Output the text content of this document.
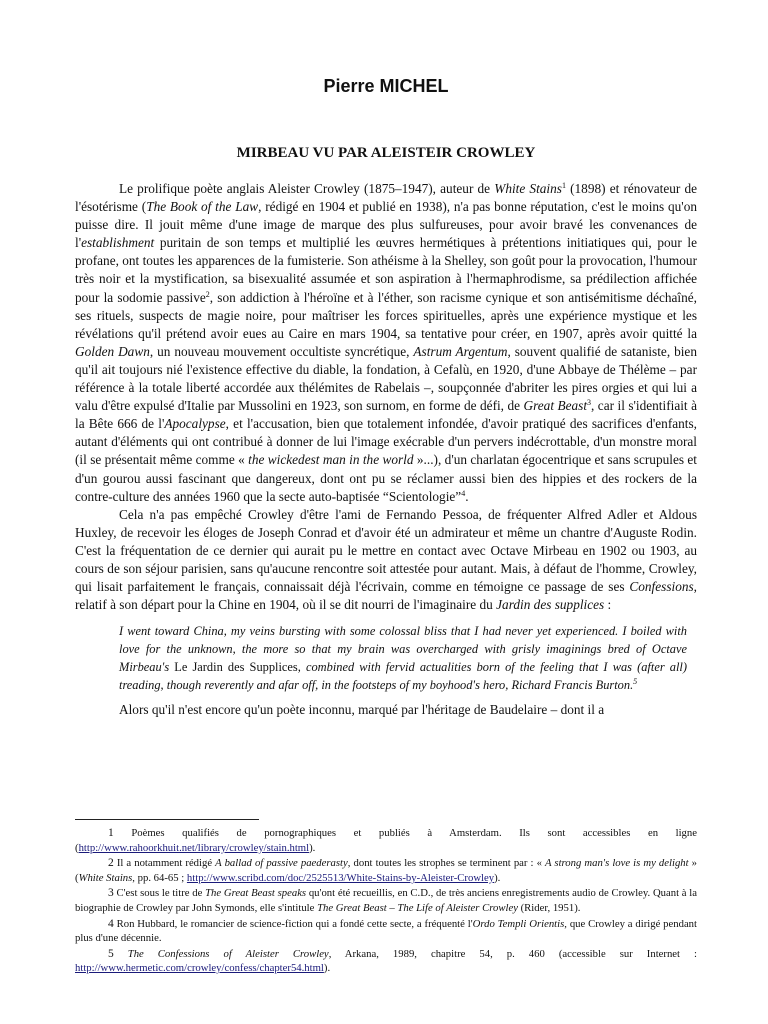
Pierre MICHEL
MIRBEAU VU PAR ALEISTEIR CROWLEY

Le prolifique poète anglais Aleister Crowley (1875–1947), auteur de White Stains$^1$ (1898) et rénovateur de l'ésotérisme (The Book of the Law, rédigé en 1904 et publié en 1938), n'a pas bonne réputation, c'est le moins qu'on puisse dire. Il jouit même d'une image de marque des plus sulfureuses, pour avoir bravé les convenances de l'establishment puritain de son temps et multiplié les œuvres hermétiques à prétentions initiatiques qui, pour le profane, ont toutes les apparences de la fumisterie. Son athéisme à la Shelley, son goût pour la provocation, l'humour très noir et la mystification, sa bisexualité assumée et son aspiration à l'hermaphrodisme, sa prédilection affichée pour la sodomie passive$^2$, son addiction à l'héroïne et à l'éther, son racisme cynique et son antisémitisme déchaîné, ses rituels, suspects de magie noire, pour maîtriser les forces spirituelles, après une expérience mystique et les révélations qu'il prétend avoir eues au Caire en mars 1904, sa tentative pour créer, en 1907, après avoir quitté la Golden Dawn, un nouveau mouvement occultiste syncrétique, Astrum Argentum, souvent qualifié de sataniste, bien qu'il ait toujours nié l'existence effective du diable, la fondation, à Cefalù, en 1920, d'une Abbaye de Thélème – par référence à la totale liberté accordée aux thélémites de Rabelais –, soupçonnée d'abriter les pires orgies et qui lui a valu d'être expulsé d'Italie par Mussolini en 1923, son surnom, en forme de défi, de Great Beast$^3$, car il s'identifiait à la Bête 666 de l'Apocalypse, et l'accusation, bien que totalement infondée, d'avoir pratiqué des sacrifices d'enfants, autant d'éléments qui ont contribué à donner de lui l'image exécrable d'un pervers indécrottable, d'un monstre moral (il se présentait même comme « the wickedest man in the world »...), d'un charlatan égocentrique et sans scrupules et d'un gourou aussi fascinant que dangereux, dont ont pu se réclamer aussi bien des hippies et des rockers de la contre-culture des années 1960 que la secte auto-baptisée “Scientologie”$^4$.

Cela n'a pas empêché Crowley d'être l'ami de Fernando Pessoa, de fréquenter Alfred Adler et Aldous Huxley, de recevoir les éloges de Joseph Conrad et d'avoir été un admirateur et même un chantre d'Auguste Rodin. C'est la fréquentation de ce dernier qui aurait pu le mettre en contact avec Octave Mirbeau en 1902 ou 1903, au cours de son séjour parisien, sans qu'aucune rencontre soit attestée pour autant. Mais, à défaut de l'homme, Crowley, qui lisait parfaitement le français, connaissait déjà l'écrivain, comme en témoigne ce passage de ses Confessions, relatif à son départ pour la Chine en 1904, où il se dit nourri de l'imaginaire du Jardin des supplices :

I went toward China, my veins bursting with some colossal bliss that I had never yet experienced. I boiled with love for the unknown, the more so that my brain was overcharged with grisly imaginings bred of Octave Mirbeau's Le Jardin des Supplices, combined with fervid actualities born of the feeling that I was (after all) treading, though reverently and afar off, in the footsteps of my boyhood's hero, Richard Francis Burton.$^5$

Alors qu'il n'est encore qu'un poète inconnu, marqué par l'héritage de Baudelaire – dont il a

1 Poèmes qualifiés de pornographiques et publiés à Amsterdam. Ils sont accessibles en ligne (http://www.rahoorkhuit.net/library/crowley/stain.html).

2 Il a notamment rédigé A ballad of passive paederasty, dont toutes les strophes se terminent par : « A strong man's love is my delight » (White Stains, pp. 64-65 ; http://www.scribd.com/doc/2525513/White-Stains-by-Aleister-Crowley).

3 C'est sous le titre de The Great Beast speaks qu'ont été recueillis, en C.D., de très anciens enregistrements audio de Crowley. Quant à la biographie de Crowley par John Symonds, elle s'intitule The Great Beast – The Life of Aleister Crowley (Rider, 1951).

4 Ron Hubbard, le romancier de science-fiction qui a fondé cette secte, a fréquenté l'Ordo Templi Orientis, que Crowley a dirigé pendant plus d'une décennie.

5 The Confessions of Aleister Crowley, Arkana, 1989, chapitre 54, p. 460 (accessible sur Internet : http://www.hermetic.com/crowley/confess/chapter54.html).
